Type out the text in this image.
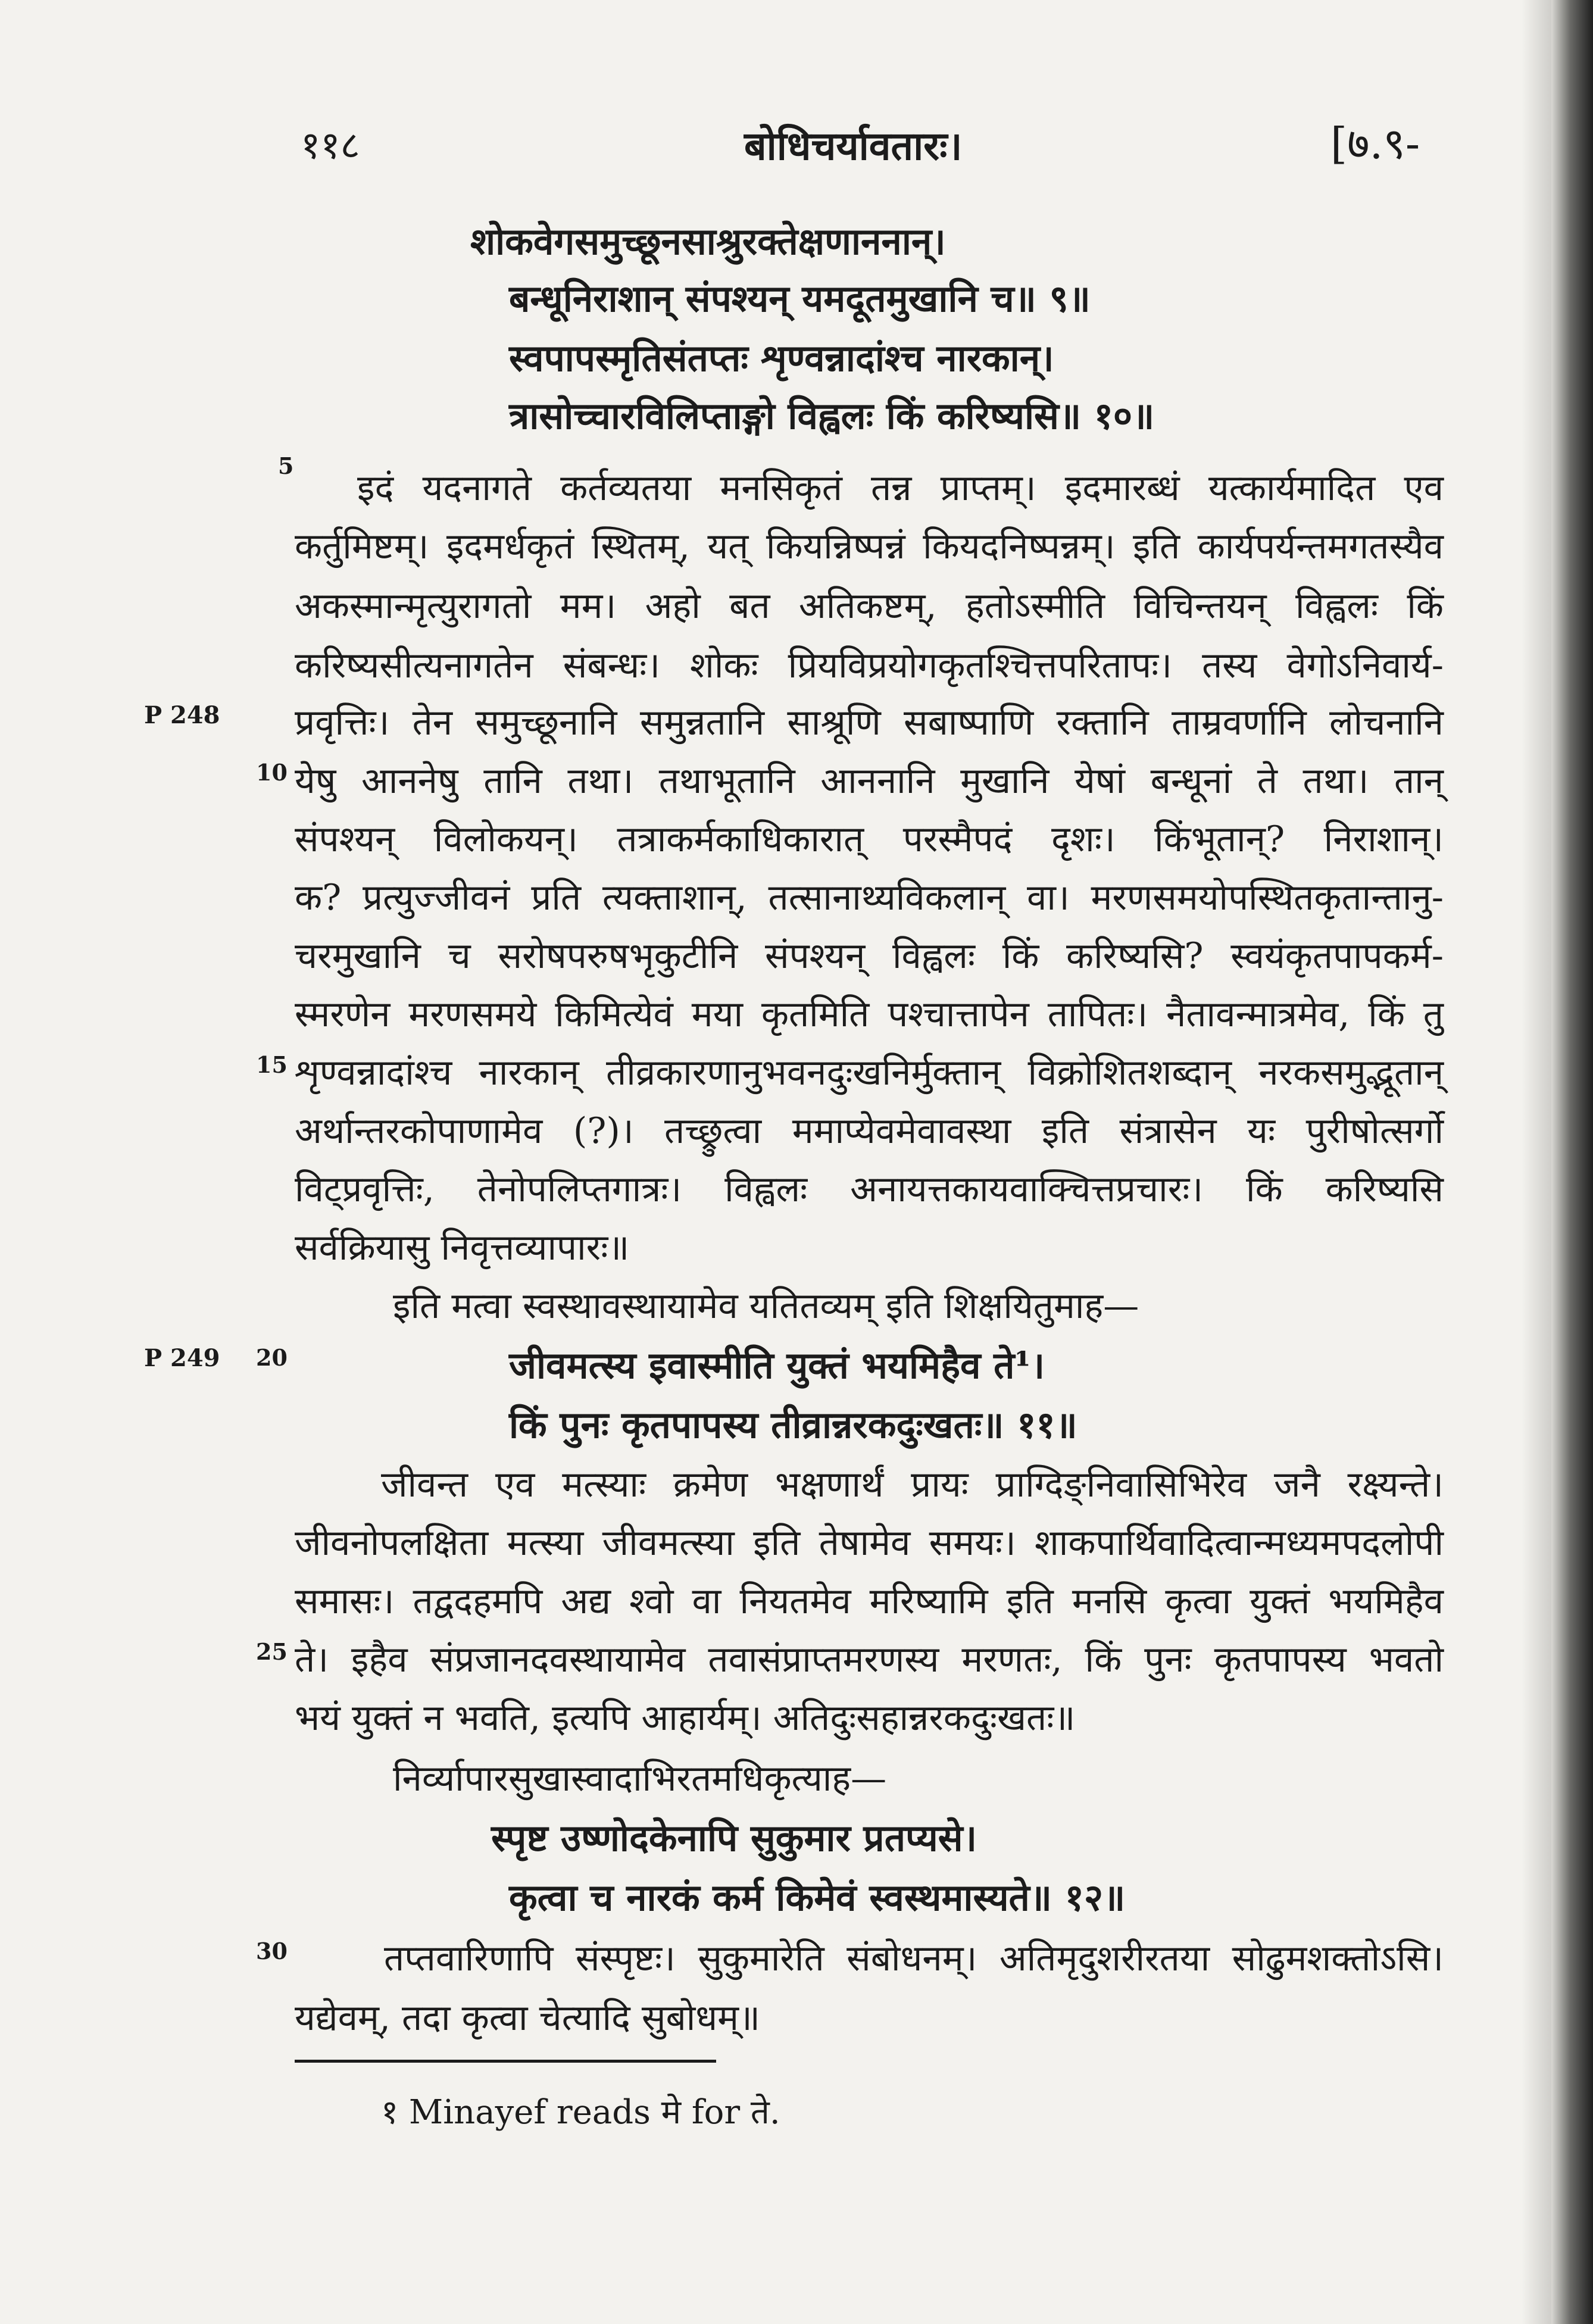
११८	बोधिचर्यावतारः।	[७.९-
शोकवेगसमुच्छूनसाश्रुरक्तेक्षणाननान्।
बन्धूनिराशान् संपश्यन् यमदूतमुखानि च॥ ९॥
स्वपापस्मृतिसंतप्तः शृण्वन्नादांश्च नारकान्।
त्रासोच्चारविलिप्ताङ्गो विह्वलः किं करिष्यसि॥ १०॥
5
इदं यदनागते कर्तव्यतया मनसिकृतं तन्न प्राप्तम्। इदमारब्धं यत्कार्यमादित एव
कर्तुमिष्टम्। इदमर्धकृतं स्थितम्, यत् कियन्निष्पन्नं कियदनिष्पन्नम्। इति कार्यपर्यन्तमगतस्यैव
अकस्मान्मृत्युरागतो मम। अहो बत अतिकष्टम्, हतोऽस्मीति विचिन्तयन् विह्वलः किं
करिष्यसीत्यनागतेन संबन्धः। शोकः प्रियविप्रयोगकृतश्चित्तपरितापः। तस्य वेगोऽनिवार्य-
P 248 प्रवृत्तिः। तेन समुच्छूनानि समुन्नतानि साश्रूणि सबाष्पाणि रक्तानि ताम्रवर्णानि लोचनानि
10 येषु आननेषु तानि तथा। तथाभूतानि आननानि मुखानि येषां बन्धूनां ते तथा। तान्
संपश्यन् विलोकयन्। तत्राकर्मकाधिकारात् परस्मैपदं दृशः। किंभूतान्? निराशान्।
क? प्रत्युज्जीवनं प्रति त्यक्ताशान्, तत्सानाथ्यविकलान् वा। मरणसमयोपस्थितकृतान्तानु-
चरमुखानि च सरोषपरुषभृकुटीनि संपश्यन् विह्वलः किं करिष्यसि? स्वयंकृतपापकर्म-
स्मरणेन मरणसमये किमित्येवं मया कृतमिति पश्चात्तापेन तापितः। नैतावन्मात्रमेव, किं तु
15 शृण्वन्नादांश्च नारकान् तीव्रकारणानुभवनदुःखनिर्मुक्तान् विक्रोशितशब्दान् नरकसमुद्भूतान्
अर्थान्तरकोपाणामेव (?)। तच्छ्रुत्वा ममाप्येवमेवावस्था इति संत्रासेन यः पुरीषोत्सर्गो
विट्प्रवृत्तिः, तेनोपलिप्तगात्रः। विह्वलः अनायत्तकायवाक्चित्तप्रचारः। किं करिष्यसि
सर्वक्रियासु निवृत्तव्यापारः॥
इति मत्वा स्वस्थावस्थायामेव यतितव्यम् इति शिक्षयितुमाह—
P 249 20	जीवमत्स्य इवास्मीति युक्तं भयमिहैव ते¹।
किं पुनः कृतपापस्य तीव्रान्नरकदुःखतः॥ ११॥
जीवन्त एव मत्स्याः क्रमेण भक्षणार्थं प्रायः प्राग्दिङ्निवासिभिरेव जनै रक्ष्यन्ते।
जीवनोपलक्षिता मत्स्या जीवमत्स्या इति तेषामेव समयः। शाकपार्थिवादित्वान्मध्यमपदलोपी
समासः। तद्वदहमपि अद्य श्वो वा नियतमेव मरिष्यामि इति मनसि कृत्वा युक्तं भयमिहैव
25 ते। इहैव संप्रजानदवस्थायामेव तवासंप्राप्तमरणस्य मरणतः, किं पुनः कृतपापस्य भवतो
भयं युक्तं न भवति, इत्यपि आहार्यम्। अतिदुःसहान्नरकदुःखतः॥
निर्व्यापारसुखास्वादाभिरतमधिकृत्याह—
स्पृष्ट उष्णोदकेनापि सुकुमार प्रतप्यसे।
कृत्वा च नारकं कर्म किमेवं स्वस्थमास्यते॥ १२॥
30	तप्तवारिणापि संस्पृष्टः। सुकुमारेति संबोधनम्। अतिमृदुशरीरतया सोढुमशक्तोऽसि।
यद्येवम्, तदा कृत्वा चेत्यादि सुबोधम्॥
१ Minayef reads मे for ते.
